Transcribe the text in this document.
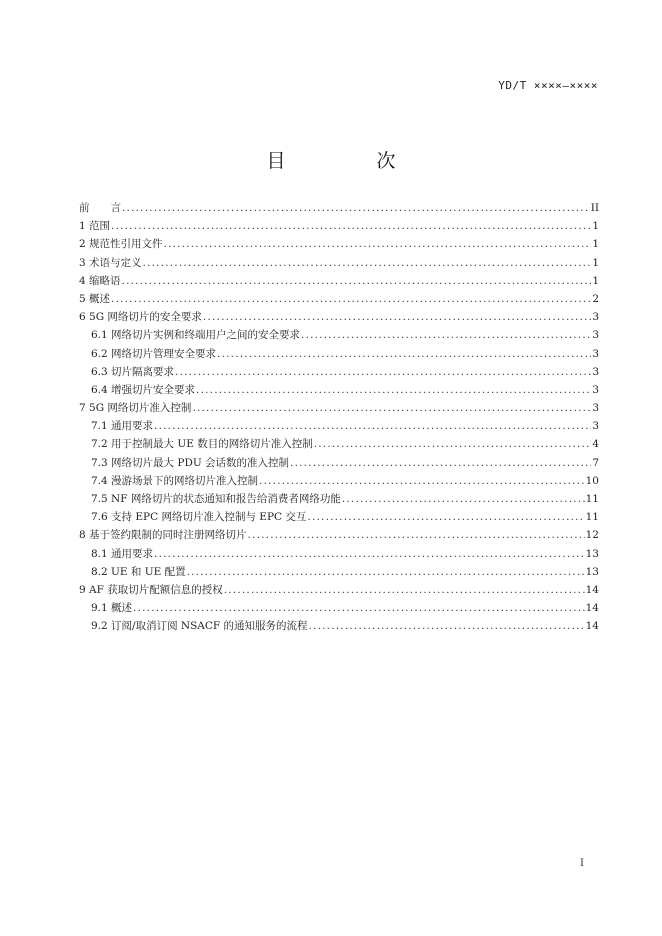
YD/T ××××—××××
目　次
前　　言 .....	II
1 范围 .....	1
2 规范性引用文件 .....	1
3 术语与定义 .....	1
4 缩略语 .....	1
5 概述 .....	2
6 5G 网络切片的安全要求 .....	3
6.1 网络切片实例和终端用户之间的安全要求 .....	3
6.2 网络切片管理安全要求 .....	3
6.3 切片隔离要求 .....	3
6.4 增强切片安全要求 .....	3
7 5G 网络切片准入控制 .....	3
7.1 通用要求 .....	3
7.2 用于控制最大 UE 数目的网络切片准入控制 .....	4
7.3 网络切片最大 PDU 会话数的准入控制 .....	7
7.4 漫游场景下的网络切片准入控制 .....	10
7.5 NF 网络切片的状态通知和报告给消费者网络功能 .....	11
7.6 支持 EPC 网络切片准入控制与 EPC 交互 .....	11
8 基于签约限制的同时注册网络切片 .....	12
8.1 通用要求 .....	13
8.2 UE 和 UE 配置 .....	13
9 AF 获取切片配额信息的授权 .....	14
9.1 概述 .....	14
9.2 订阅/取消订阅 NSACF 的通知服务的流程 .....	14
I
